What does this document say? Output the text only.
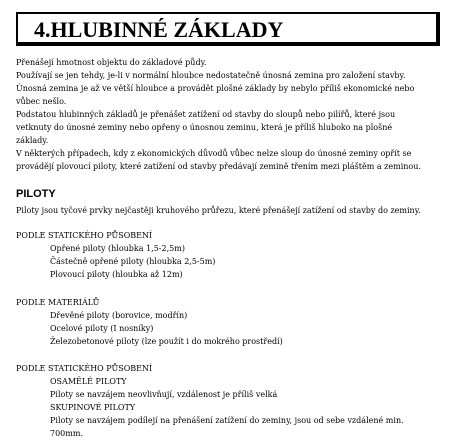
4.HLUBINNÉ ZÁKLADY
Přenášejí hmotnost objektu do základové půdy.
Používají se jen tehdy, je-li v normální hloubce nedostatečně únosná zemina pro založení stavby.
Únosná zemina je až ve větší hloubce a provádět plošné základy by nebylo příliš ekonomické nebo
vůbec nešlo.
Podstatou hlubinných základů je přenášet zatížení od stavby do sloupů nebo pilířů, které jsou
vetknuty do únosné zeminy nebo opřeny o únosnou zeminu, která je příliš hluboko na plošné
základy.
V některých případech, kdy z ekonomických důvodů vůbec nelze sloup do únosné zeminy opřít se
provádějí plovoucí piloty, které zatížení od stavby předávají zemině třením mezi pláštěm a zeminou.
PILOTY
Piloty jsou tyčové prvky nejčastěji kruhového průřezu, které přenášejí zatížení od stavby do zeminy.
PODLE STATICKÉHO PŮSOBENÍ
Opřené piloty (hloubka 1,5-2,5m)
Částečně opřené piloty (hloubka 2,5-5m)
Plovoucí piloty (hloubka až 12m)
PODLE MATERIÁLŮ
Dřevěné piloty (borovice, modřín)
Ocelové piloty (I nosníky)
Železobetonové piloty (lze použít i do mokrého prostředí)
PODLE STATICKÉHO PŮSOBENÍ
OSAMĚLÉ PILOTY
Piloty se navzájem neovlivňují, vzdálenost je příliš velká
SKUPINOVÉ PILOTY
Piloty se navzájem podílejí na přenášení zatížení do zeminy, jsou od sebe vzdálené min.
700mm.
